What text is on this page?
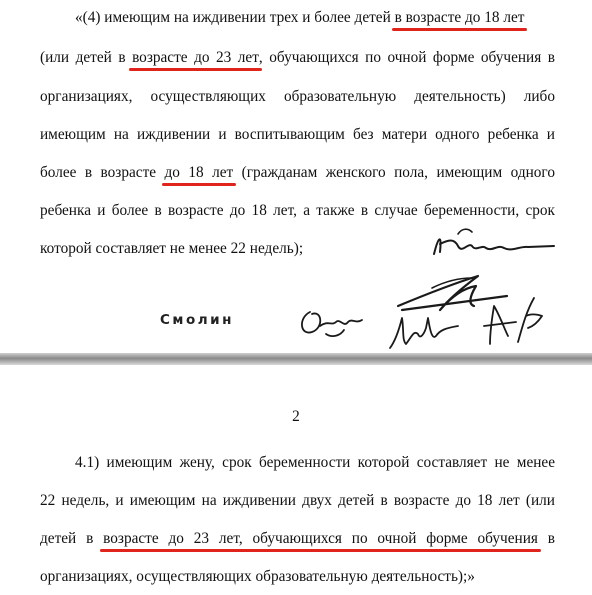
«(4) имеющим на иждивении трех и более детей в возрасте до 18 лет
(или детей в возрасте до 23 лет, обучающихся по очной форме обучения в
организациях, осуществляющих образовательную деятельность) либо
имеющим на иждивении и воспитывающим без матери одного ребенка и
более в возрасте до 18 лет (гражданам женского пола, имеющим одного
ребенка и более в возрасте до 18 лет, а также в случае беременности, срок
которой составляет не менее 22 недель);
Смолин
2
4.1) имеющим жену, срок беременности которой составляет не менее
22 недель, и имеющим на иждивении двух детей в возрасте до 18 лет (или
детей в возрасте до 23 лет, обучающихся по очной форме обучения в
организациях, осуществляющих образовательную деятельность);»
